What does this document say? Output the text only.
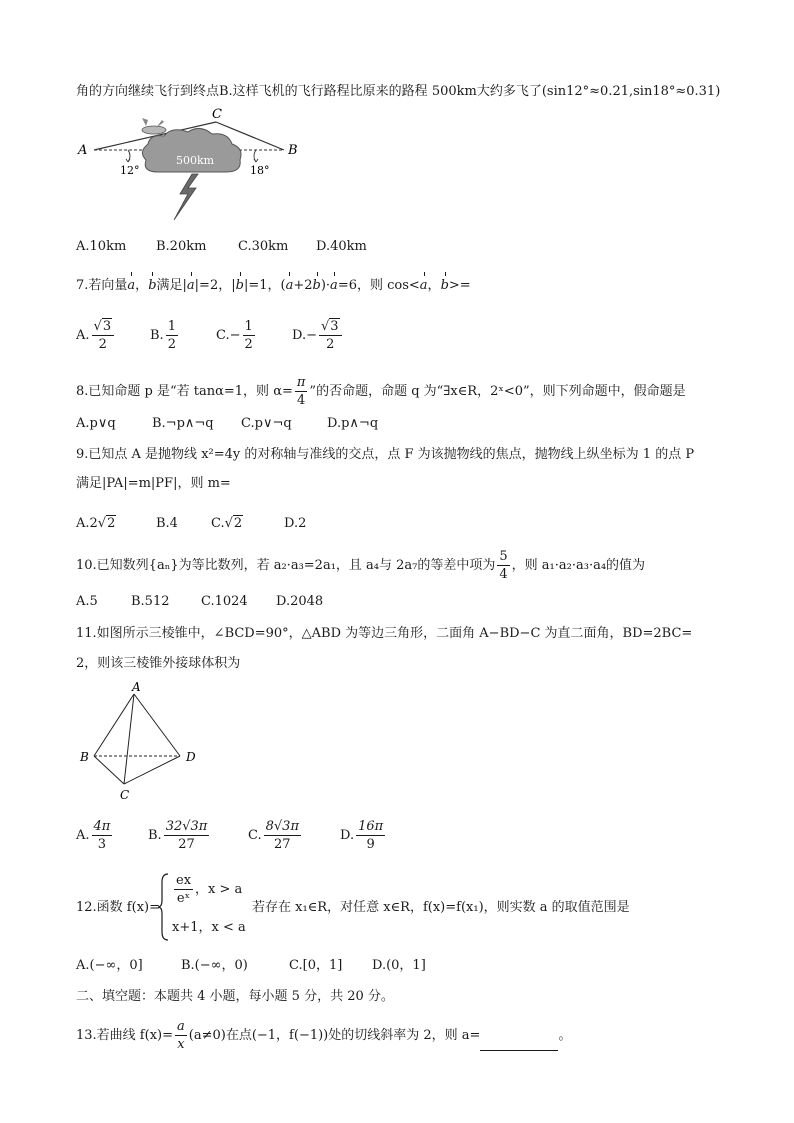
角的方向继续飞行到终点B.这样飞机的飞行路程比原来的路程 500km大约多飞了(sin12°≈0.21,sin18°≈0.31)
500km
A	B
C
12°	18°
A.10km B.20km C.30km D.40km
7.若向量a，b满足|a|=2，|b|=1，(a+2b)·a=6，则 cos<a，b>=
A. $\frac{√3}{2}$	B. $\frac{1}{2}$	$C.- \frac{1}{2}$	$D.- \frac{√3}{2}$
8.已知命题 p 是“若 tanα=1，则 $\alpha= \frac{\pi}{4}$ ”的否命题，命题 q 为“∃x∈R，2ˣ<0”，则下列命题中，假命题是
A.p∨q	B.¬p∧¬q C.p∨¬q	D.p∧¬q
9.已知点 A 是抛物线 x²=4y 的对称轴与准线的交点，点 F 为该抛物线的焦点，抛物线上纵坐标为 1 的点 P
满足|PA|=m|PF|，则 m=
A.2√2	B.4	C.√2	D.2
10.已知数列{aₙ}为等比数列，若 a₂·a₃=2a₁，且 a₄与 2a₇的等差中项为 $\frac{5}{4}$ ，则 a₁·a₂·a₃·a₄的值为
A.5	B.512 C.1024 D.2048
11.如图所示三棱锥中，∠BCD=90°，△ABD 为等边三角形，二面角 A−BD−C 为直二面角，BD=2BC=
2，则该三棱锥外接球体积为
A
B
C
D
A. $\frac{4\pi}{3}$	B. $\frac{32√3\pi}{27}$	C. $\frac{8√3\pi}{27}$	D. $\frac{16\pi}{9}$
12.函数 f(x)=
$\frac{ex}{\text{eˣ}}$ ，x > a
x+1，x < a
若存在 x₁∈R，对任意 x∈R，f(x)=f(x₁)，则实数 a 的取值范围是
A.(−∞，0]	B.(−∞，0)	C.[0，1] D.(0，1]
二、填空题：本题共 4 小题，每小题 5 分，共 20 分。
13.若曲线 $f(x)= \frac{a}{x} (a\ne 0)$在点(−1，f(−1))处的切线斜率为 2，则 a=	。
